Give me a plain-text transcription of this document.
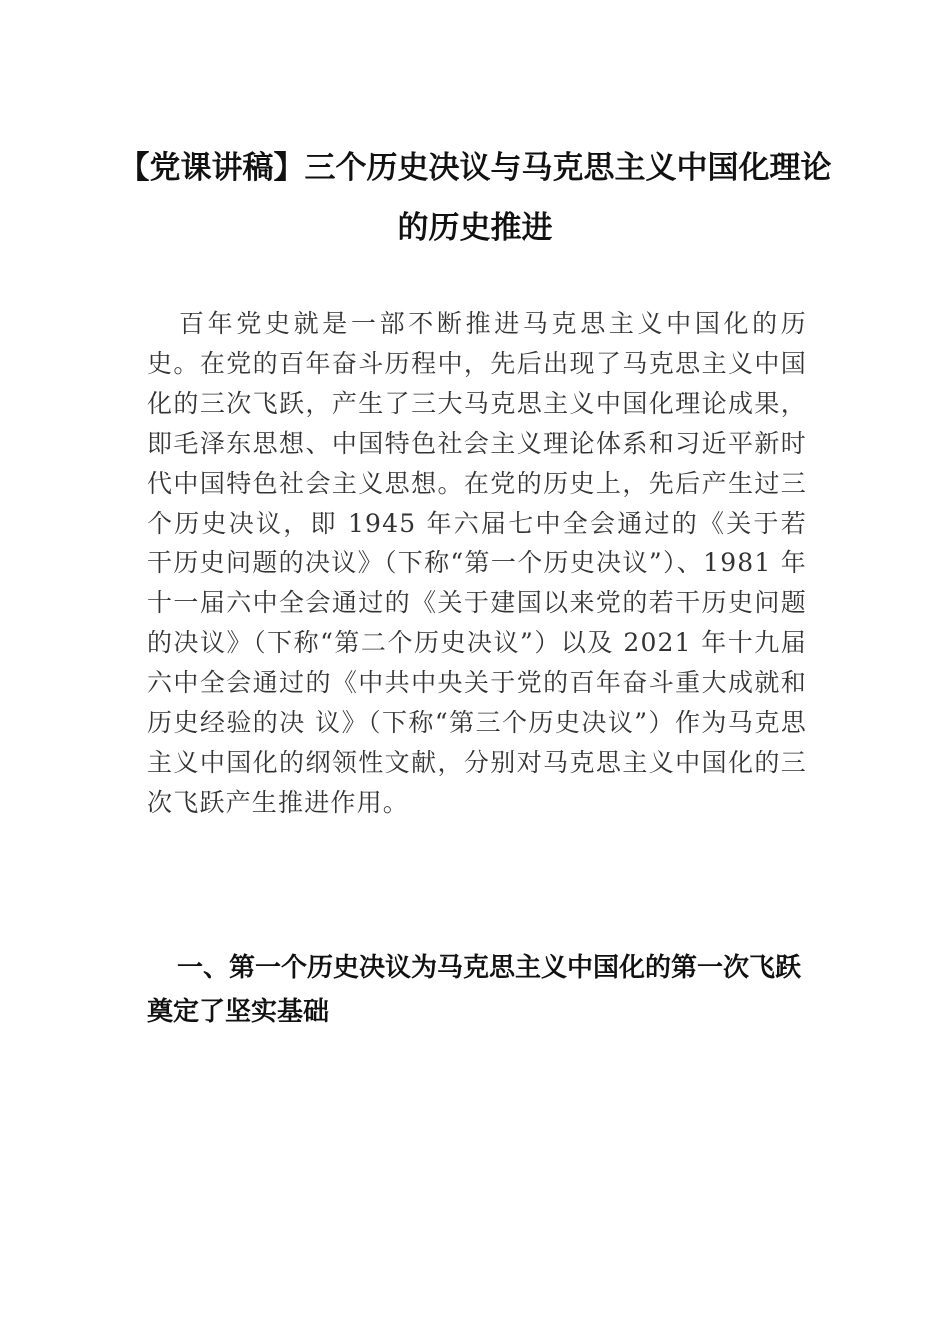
【党课讲稿】三个历史决议与马克思主义中国化理论的历史推进

百年党史就是一部不断推进马克思主义中国化的历史。在党的百年奋斗历程中，先后出现了马克思主义中国化的三次飞跃，产生了三大马克思主义中国化理论成果，即毛泽东思想、中国特色社会主义理论体系和习近平新时代中国特色社会主义思想。在党的历史上，先后产生过三个历史决议，即 1945 年六届七中全会通过的《关于若干历史问题的决议》（下称“第一个历史决议”）、1981 年十一届六中全会通过的《关于建国以来党的若干历史问题的决议》（下称“第二个历史决议”）以及 2021 年十九届六中全会通过的《中共中央关于党的百年奋斗重大成就和历史经验的决 议》（下称“第三个历史决议”）作为马克思主义中国化的纲领性文献，分别对马克思主义中国化的三次飞跃产生推进作用。

一、第一个历史决议为马克思主义中国化的第一次飞跃奠定了坚实基础
